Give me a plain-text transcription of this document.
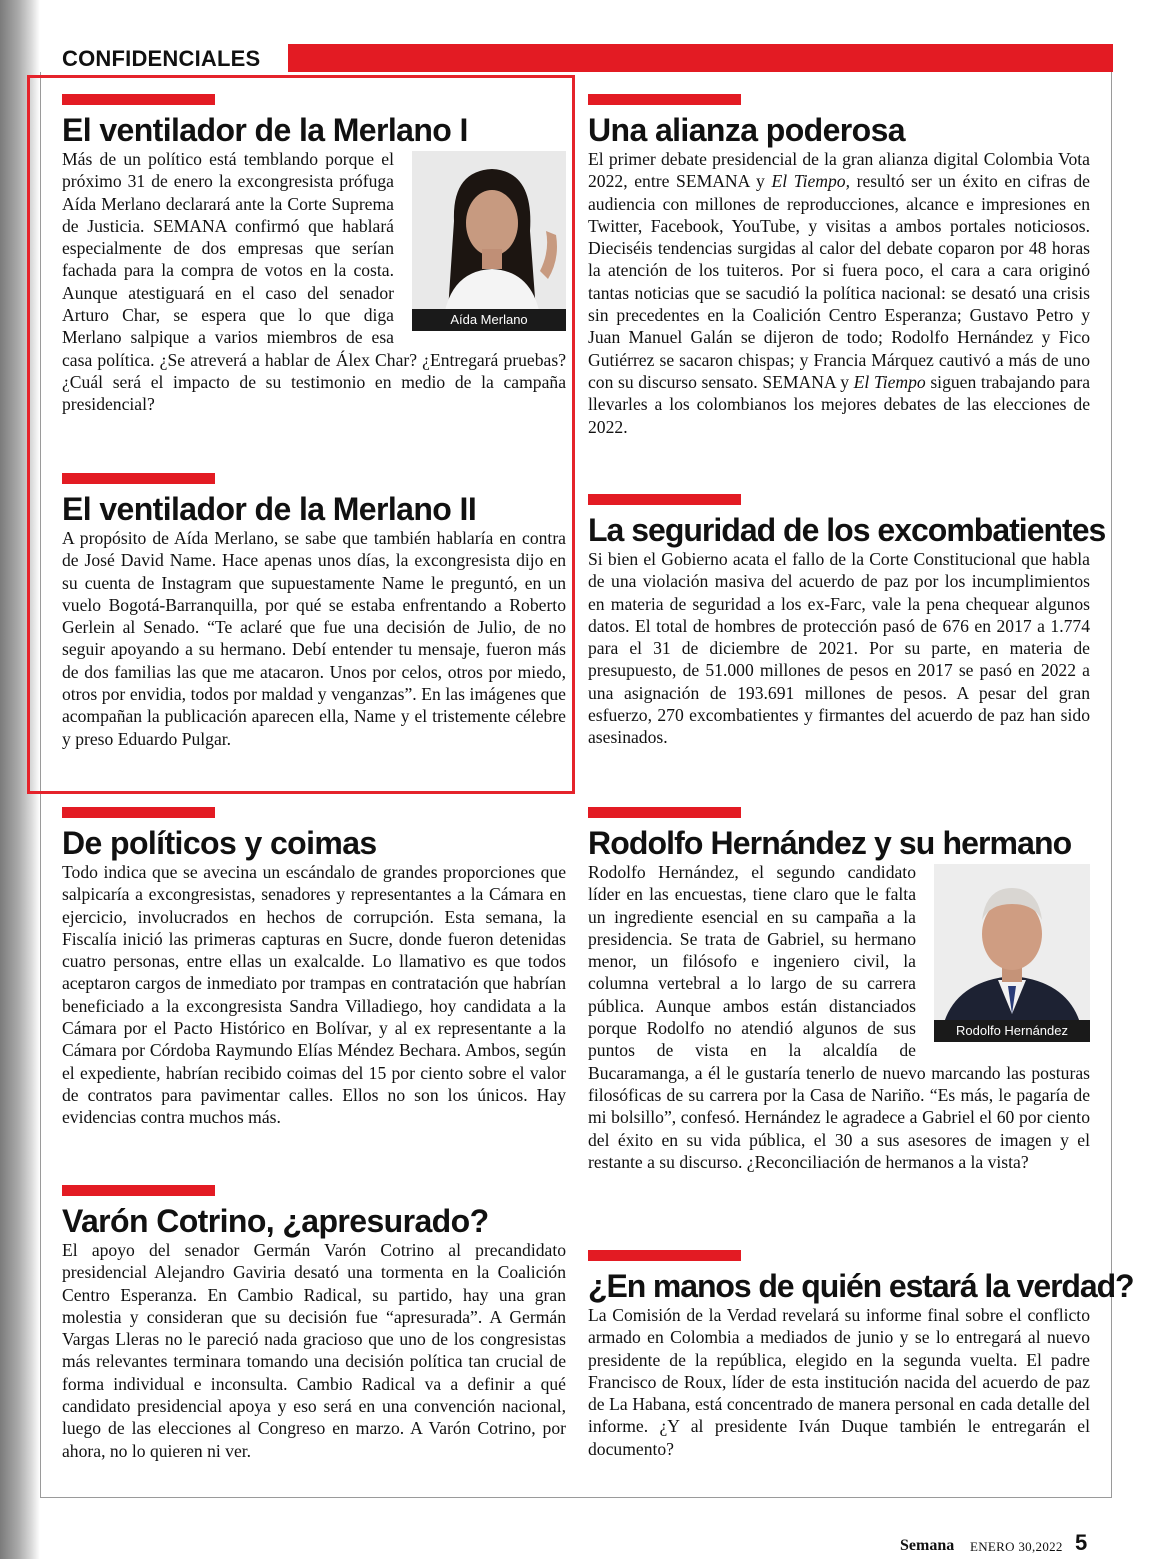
CONFIDENCIALES
El ventilador de la Merlano I
Aída Merlano

Más de un político está temblando porque el próximo 31 de enero la excongresista prófuga Aída Merlano declarará ante la Corte Suprema de Justicia. SEMANA confirmó que hablará especialmente de dos empresas que serían fachada para la compra de votos en la costa. Aunque atestiguará en el caso del senador Arturo Char, se espera que lo que diga Merlano salpique a varios miembros de esa casa política. ¿Se atreverá a hablar de Álex Char? ¿Entregará pruebas? ¿Cuál será el impacto de su testimonio en medio de la campaña presidencial?

El ventilador de la Merlano II

A propósito de Aída Merlano, se sabe que también hablaría en contra de José David Name. Hace apenas unos días, la excongresista dijo en su cuenta de Instagram que supuestamente Name le preguntó, en un vuelo Bogotá-Barranquilla, por qué se estaba enfrentando a Roberto Gerlein al Senado. “Te aclaré que fue una decisión de Julio, de no seguir apoyando a su hermano. Debí entender tu mensaje, fueron más de dos familias las que me atacaron. Unos por celos, otros por miedo, otros por envidia, todos por maldad y venganzas”. En las imágenes que acompañan la publicación aparecen ella, Name y el tristemente célebre y preso Eduardo Pulgar.

Una alianza poderosa

El primer debate presidencial de la gran alianza digital Colombia Vota 2022, entre SEMANA y El Tiempo, resultó ser un éxito en cifras de audiencia con millones de reproducciones, alcance e impresiones en Twitter, Facebook, YouTube, y visitas a ambos portales noticiosos. Dieciséis tendencias surgidas al calor del debate coparon por 48 horas la atención de los tuiteros. Por si fuera poco, el cara a cara originó tantas noticias que se sacudió la política nacional: se desató una crisis sin precedentes en la Coalición Centro Esperanza; Gustavo Petro y Juan Manuel Galán se dijeron de todo; Rodolfo Hernández y Fico Gutiérrez se sacaron chispas; y Francia Márquez cautivó a más de uno con su discurso sensato. SEMANA y El Tiempo siguen trabajando para llevarles a los colombianos los mejores debates de las elecciones de 2022.

La seguridad de los excombatientes

Si bien el Gobierno acata el fallo de la Corte Constitucional que habla de una violación masiva del acuerdo de paz por los incumplimientos en materia de seguridad a los ex-Farc, vale la pena chequear algunos datos. El total de hombres de protección pasó de 676 en 2017 a 1.774 para el 31 de diciembre de 2021. Por su parte, en materia de presupuesto, de 51.000 millones de pesos en 2017 se pasó en 2022 a una asignación de 193.691 millones de pesos. A pesar del gran esfuerzo, 270 excombatientes y firmantes del acuerdo de paz han sido asesinados.

De políticos y coimas

Todo indica que se avecina un escándalo de grandes proporciones que salpicaría a excongresistas, senadores y representantes a la Cámara en ejercicio, involucrados en hechos de corrupción. Esta semana, la Fiscalía inició las primeras capturas en Sucre, donde fueron detenidas cuatro personas, entre ellas un exalcalde. Lo llamativo es que todos aceptaron cargos de inmediato por trampas en contratación que habrían beneficiado a la excongresista Sandra Villadiego, hoy candidata a la Cámara por el Pacto Histórico en Bolívar, y al ex representante a la Cámara por Córdoba Raymundo Elías Méndez Bechara. Ambos, según el expediente, habrían recibido coimas del 15 por ciento sobre el valor de contratos para pavimentar calles. Ellos no son los únicos. Hay evidencias contra muchos más.

Rodolfo Hernández y su hermano
Rodolfo Hernández

Rodolfo Hernández, el segundo candidato líder en las encuestas, tiene claro que le falta un ingrediente esencial en su campaña a la presidencia. Se trata de Gabriel, su hermano menor, un filósofo e ingeniero civil, la columna vertebral a lo largo de su carrera pública. Aunque ambos están distanciados porque Rodolfo no atendió algunos de sus puntos de vista en la alcaldía de Bucaramanga, a él le gustaría tenerlo de nuevo marcando las posturas filosóficas de su carrera por la Casa de Nariño. “Es más, le pagaría de mi bolsillo”, confesó. Hernández le agradece a Gabriel el 60 por ciento del éxito en su vida pública, el 30 a sus asesores de imagen y el restante a su discurso. ¿Reconciliación de hermanos a la vista?

Varón Cotrino, ¿apresurado?

El apoyo del senador Germán Varón Cotrino al precandidato presidencial Alejandro Gaviria desató una tormenta en la Coalición Centro Esperanza. En Cambio Radical, su partido, hay una gran molestia y consideran que su decisión fue “apresurada”. A Germán Vargas Lleras no le pareció nada gracioso que uno de los congresistas más relevantes terminara tomando una decisión política tan crucial de forma individual e inconsulta. Cambio Radical va a definir a qué candidato presidencial apoya y eso será en una convención nacional, luego de las elecciones al Congreso en marzo. A Varón Cotrino, por ahora, no lo quieren ni ver.

¿En manos de quién estará la verdad?

La Comisión de la Verdad revelará su informe final sobre el conflicto armado en Colombia a mediados de junio y se lo entregará al nuevo presidente de la república, elegido en la segunda vuelta. El padre Francisco de Roux, líder de esta institución nacida del acuerdo de paz de La Habana, está concentrado de manera personal en cada detalle del informe. ¿Y al presidente Iván Duque también le entregarán el documento?

Semana ENERO 30,2022 5
